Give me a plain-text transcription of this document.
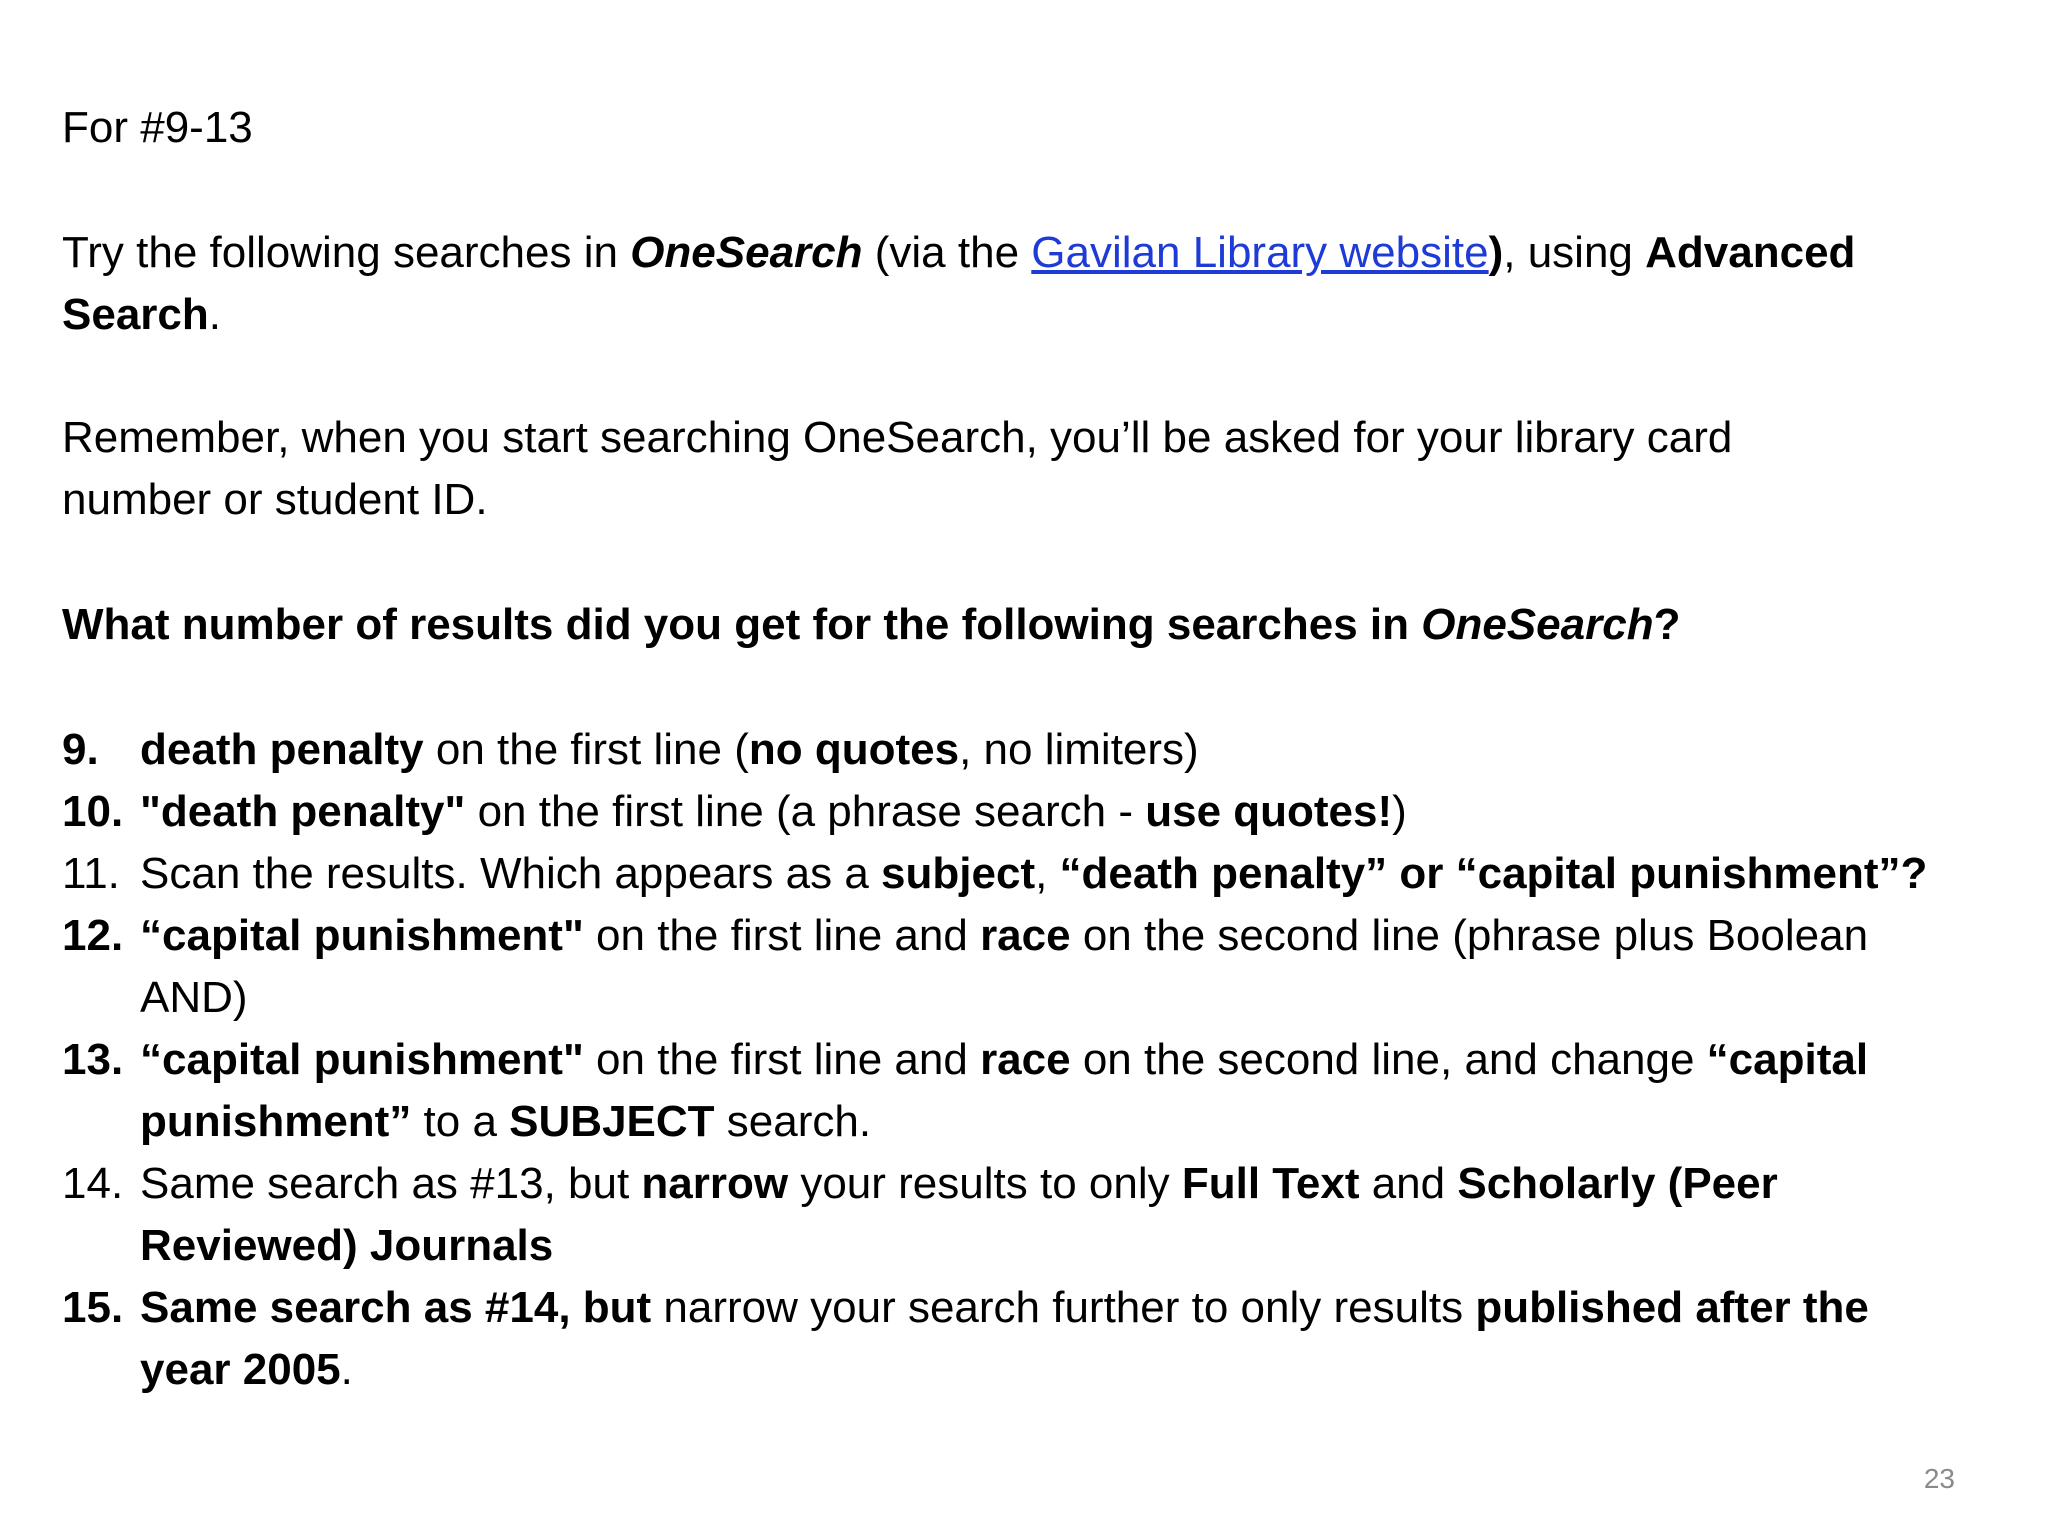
For #9-13
Try the following searches in OneSearch (via the Gavilan Library website), using Advanced
Search.
Remember, when you start searching OneSearch, you’ll be asked for your library card
number or student ID.
What number of results did you get for the following searches in OneSearch?
9. death penalty on the first line (no quotes, no limiters)
10. "death penalty" on the first line (a phrase search - use quotes!)
11. Scan the results. Which appears as a subject, “death penalty” or “capital punishment”?
12. “capital punishment" on the first line and race on the second line (phrase plus Boolean
AND)
13. “capital punishment" on the first line and race on the second line, and change “capital
punishment” to a SUBJECT search.
14. Same search as #13, but narrow your results to only Full Text and Scholarly (Peer
Reviewed) Journals
15. Same search as #14, but narrow your search further to only results published after the
year 2005.
23
